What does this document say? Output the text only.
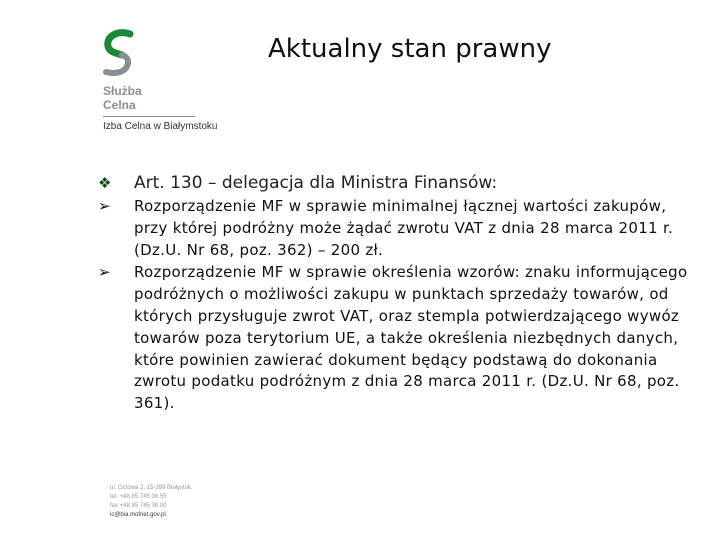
Służba
Celna
Izba Celna w Białymstoku
Aktualny stan prawny
❖	Art. 130 – delegacja dla Ministra Finansów:
➢	Rozporządzenie MF w sprawie minimalnej łącznej wartości zakupów, przy której podróżny może żądać zwrotu VAT z dnia 28 marca 2011 r. (Dz.U. Nr 68, poz. 362) – 200 zł.
➢	Rozporządzenie MF w sprawie określenia wzorów: znaku informującego podróżnych o możliwości zakupu w punktach sprzedaży towarów, od których przysługuje zwrot VAT, oraz stempla potwierdzającego wywóz towarów poza terytorium UE, a także określenia niezbędnych danych, które powinien zawierać dokument będący podstawą do dokonania zwrotu podatku podróżnym z dnia 28 marca 2011 r. (Dz.U. Nr 68, poz. 361).
ul. Octowa 2, 15-399 Białystok
tel. +48 85 745 36 55
fax +48 85 745 36 00
ic@bia.mofnet.gov.pl
